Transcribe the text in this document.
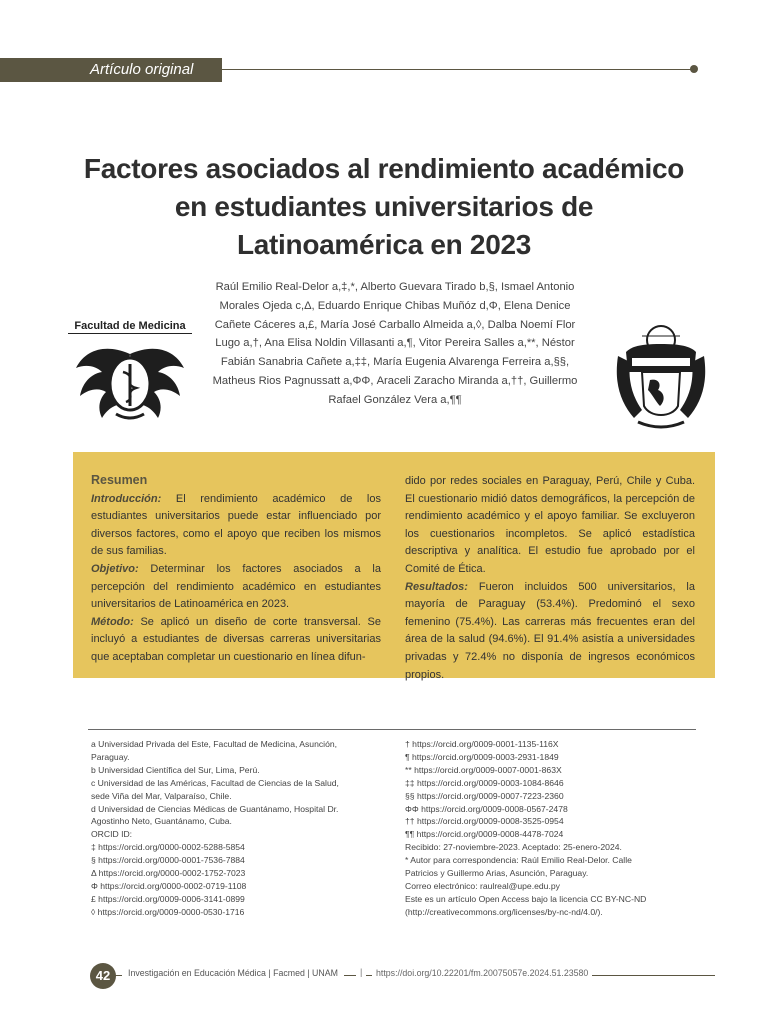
Artículo original
Factores asociados al rendimiento académico en estudiantes universitarios de Latinoamérica en 2023
Raúl Emilio Real-Delor a,‡,*, Alberto Guevara Tirado b,§, Ismael Antonio Morales Ojeda c,Δ, Eduardo Enrique Chibas Muñóz d,Φ, Elena Denice Cañete Cáceres a,£, María José Carballo Almeida a,◊, Dalba Noemí Flor Lugo a,†, Ana Elisa Noldin Villasanti a,¶, Vitor Pereira Salles a,**, Néstor Fabián Sanabria Cañete a,‡‡, María Eugenia Alvarenga Ferreira a,§§, Matheus Rios Pagnussatt a,ΦΦ, Araceli Zaracho Miranda a,††, Guillermo Rafael González Vera a,¶¶
Facultad de Medicina

Resumen

Introducción: El rendimiento académico de los estudiantes universitarios puede estar influenciado por diversos factores, como el apoyo que reciben los mismos de sus familias.

Objetivo: Determinar los factores asociados a la percepción del rendimiento académico en estudiantes universitarios de Latinoamérica en 2023.

Método: Se aplicó un diseño de corte transversal. Se incluyó a estudiantes de diversas carreras universitarias que aceptaban completar un cuestionario en línea difun-

dido por redes sociales en Paraguay, Perú, Chile y Cuba. El cuestionario midió datos demográficos, la percepción de rendimiento académico y el apoyo familiar. Se excluyeron los cuestionarios incompletos. Se aplicó estadística descriptiva y analítica. El estudio fue aprobado por el Comité de Ética.

Resultados: Fueron incluidos 500 universitarios, la mayoría de Paraguay (53.4%). Predominó el sexo femenino (75.4%). Las carreras más frecuentes eran del área de la salud (94.6%). El 91.4% asistía a universidades privadas y 72.4% no disponía de ingresos económicos propios.

a Universidad Privada del Este, Facultad de Medicina, Asunción,
Paraguay.
b Universidad Científica del Sur, Lima, Perú.
c Universidad de las Américas, Facultad de Ciencias de la Salud,
sede Viña del Mar, Valparaíso, Chile.
d Universidad de Ciencias Médicas de Guantánamo, Hospital Dr.
Agostinho Neto, Guantánamo, Cuba.
ORCID ID:
‡ https://orcid.org/0000-0002-5288-5854
§ https://orcid.org/0000-0001-7536-7884
Δ https://orcid.org/0000-0002-1752-7023
Φ https://orcid.org/0000-0002-0719-1108
£ https://orcid.org/0009-0006-3141-0899
◊ https://orcid.org/0009-0000-0530-1716
† https://orcid.org/0009-0001-1135-116X
¶ https://orcid.org/0009-0003-2931-1849
** https://orcid.org/0009-0007-0001-863X
‡‡ https://orcid.org/0009-0003-1084-8646
§§ https://orcid.org/0009-0007-7223-2360
ΦΦ https://orcid.org/0009-0008-0567-2478
†† https://orcid.org/0009-0008-3525-0954
¶¶ https://orcid.org/0009-0008-4478-7024
Recibido: 27-noviembre-2023. Aceptado: 25-enero-2024.
* Autor para correspondencia: Raúl Emilio Real-Delor. Calle
Patricios y Guillermo Arias, Asunción, Paraguay.
Correo electrónico: raulreal@upe.edu.py
Este es un artículo Open Access bajo la licencia CC BY-NC-ND
(http://creativecommons.org/licenses/by-nc-nd/4.0/).
42	Investigación en Educación Médica | Facmed | UNAM	|	https://doi.org/10.22201/fm.20075057e.2024.51.23580
